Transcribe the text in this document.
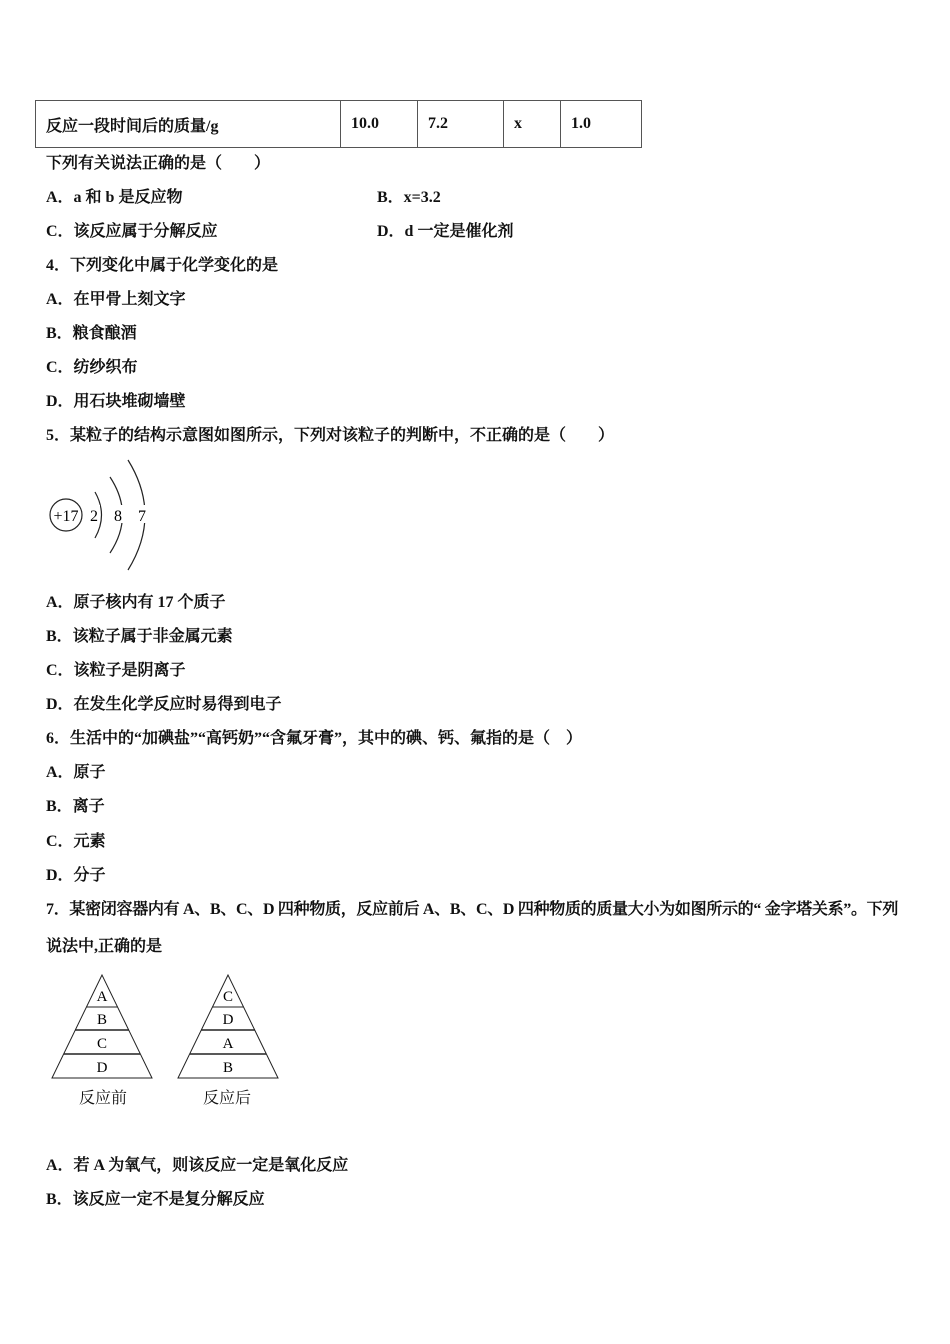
反应一段时间后的质量/g	10.0	7.2	x	1.0
下列有关说法正确的是（　　）
A．a 和 b 是反应物	B．x=3.2
C．该反应属于分解反应	D．d 一定是催化剂
4．下列变化中属于化学变化的是
A．在甲骨上刻文字
B．粮食酿酒
C．纺纱织布
D．用石块堆砌墙壁
5．某粒子的结构示意图如图所示，下列对该粒子的判断中，不正确的是（　　）
+17 2 8 7
A．原子核内有 17 个质子
B．该粒子属于非金属元素
C．该粒子是阴离子
D．在发生化学反应时易得到电子
6．生活中的“加碘盐”“高钙奶”“含氟牙膏”，其中的碘、钙、氟指的是（　）
A．原子
B．离子
C．元素
D．分子
7．某密闭容器内有 A、B、C、D 四种物质，反应前后 A、B、C、D 四种物质的质量大小为如图所示的“ 金字塔关系”。下列
说法中,正确的是
A
B
C
D
C
D
A
B
反应前	反应后
A．若 A 为氧气，则该反应一定是氧化反应
B．该反应一定不是复分解反应
